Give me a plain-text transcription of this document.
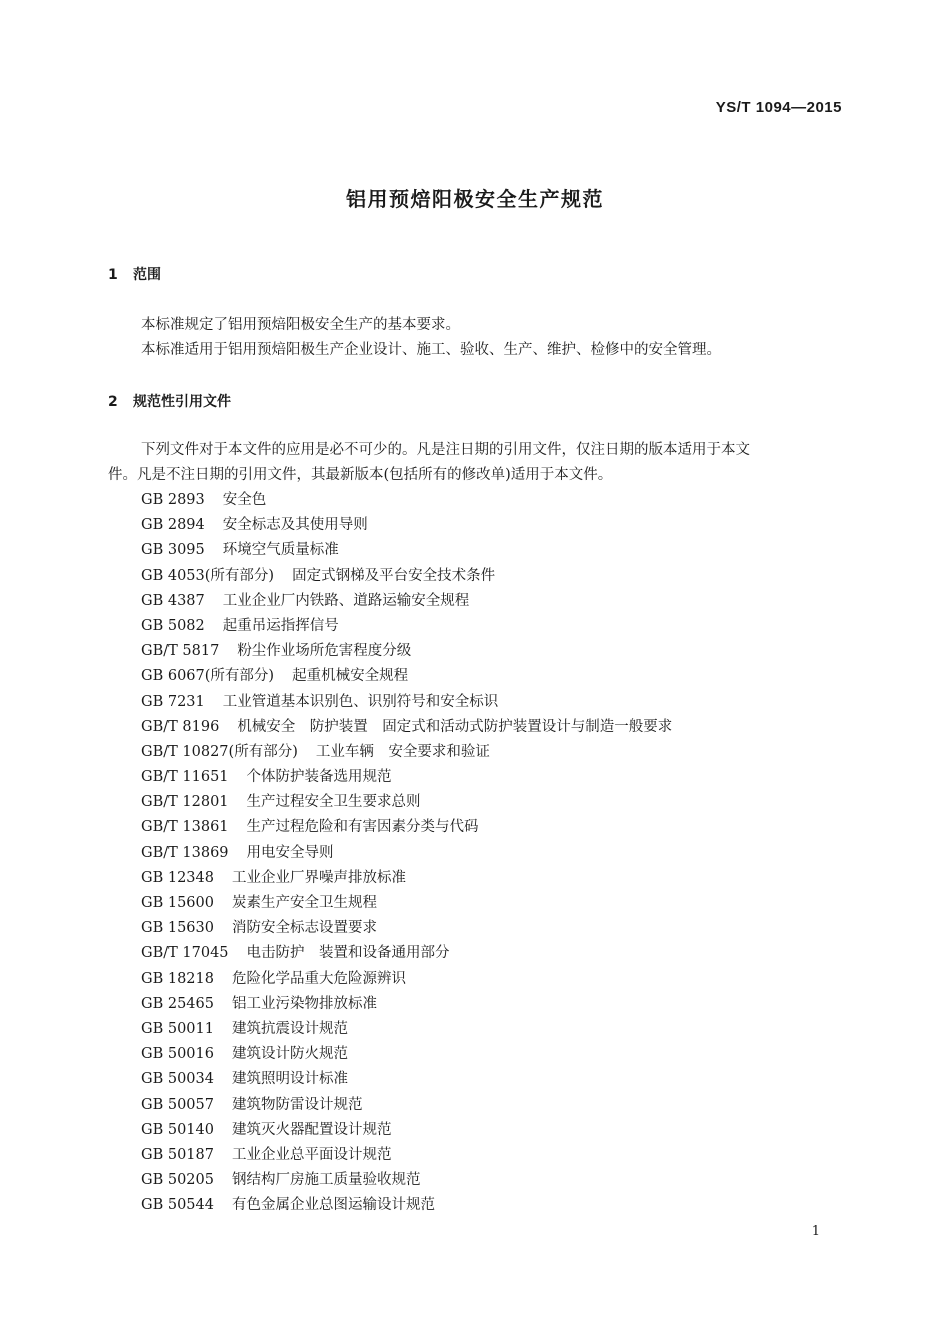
YS/T 1094—2015
铝用预焙阳极安全生产规范
1 范围
本标准规定了铝用预焙阳极安全生产的基本要求。
本标准适用于铝用预焙阳极生产企业设计、施工、验收、生产、维护、检修中的安全管理。
2 规范性引用文件
下列文件对于本文件的应用是必不可少的。凡是注日期的引用文件，仅注日期的版本适用于本文
件。凡是不注日期的引用文件，其最新版本(包括所有的修改单)适用于本文件。
GB 2893 安全色
GB 2894 安全标志及其使用导则
GB 3095 环境空气质量标准
GB 4053(所有部分) 固定式钢梯及平台安全技术条件
GB 4387 工业企业厂内铁路、道路运输安全规程
GB 5082 起重吊运指挥信号
GB/T 5817 粉尘作业场所危害程度分级
GB 6067(所有部分) 起重机械安全规程
GB 7231 工业管道基本识别色、识别符号和安全标识
GB/T 8196 机械安全　防护装置　固定式和活动式防护装置设计与制造一般要求
GB/T 10827(所有部分) 工业车辆　安全要求和验证
GB/T 11651 个体防护装备选用规范
GB/T 12801 生产过程安全卫生要求总则
GB/T 13861 生产过程危险和有害因素分类与代码
GB/T 13869 用电安全导则
GB 12348 工业企业厂界噪声排放标准
GB 15600 炭素生产安全卫生规程
GB 15630 消防安全标志设置要求
GB/T 17045 电击防护　装置和设备通用部分
GB 18218 危险化学品重大危险源辨识
GB 25465 铝工业污染物排放标准
GB 50011 建筑抗震设计规范
GB 50016 建筑设计防火规范
GB 50034 建筑照明设计标准
GB 50057 建筑物防雷设计规范
GB 50140 建筑灭火器配置设计规范
GB 50187 工业企业总平面设计规范
GB 50205 钢结构厂房施工质量验收规范
GB 50544 有色金属企业总图运输设计规范
1
